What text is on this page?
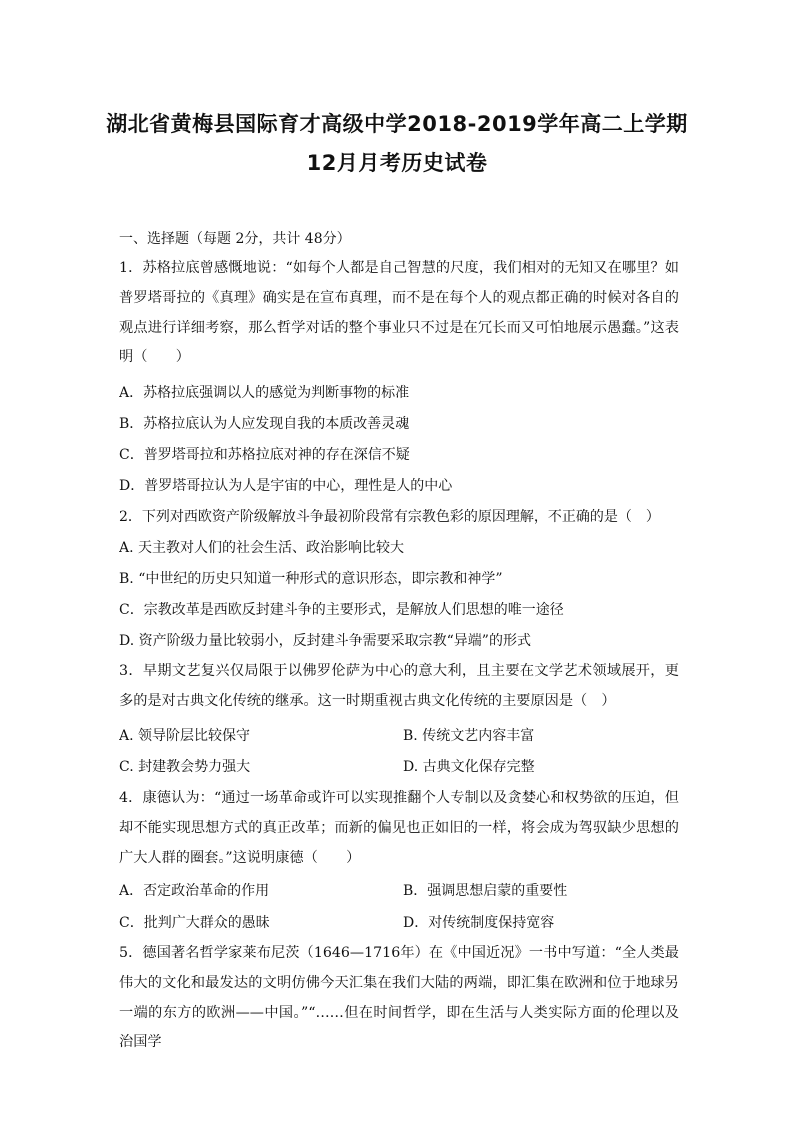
湖北省黄梅县国际育才高级中学2018-2019学年高二上学期
12月月考历史试卷
一、选择题（每题 2分，共计 48分）
1．苏格拉底曾感慨地说：“如每个人都是自己智慧的尺度，我们相对的无知又在哪里？如普罗塔哥拉的《真理》确实是在宣布真理，而不是在每个人的观点都正确的时候对各自的观点进行详细考察，那么哲学对话的整个事业只不过是在冗长而又可怕地展示愚蠢。”这表明（　　）
A．苏格拉底强调以人的感觉为判断事物的标准
B．苏格拉底认为人应发现自我的本质改善灵魂
C．普罗塔哥拉和苏格拉底对神的存在深信不疑
D．普罗塔哥拉认为人是宇宙的中心，理性是人的中心
2．下列对西欧资产阶级解放斗争最初阶段常有宗教色彩的原因理解，不正确的是（　）
A. 天主教对人们的社会生活、政治影响比较大
B. “中世纪的历史只知道一种形式的意识形态，即宗教和神学”
C．宗教改革是西欧反封建斗争的主要形式，是解放人们思想的唯一途径
D. 资产阶级力量比较弱小，反封建斗争需要采取宗教“异端”的形式
3．早期文艺复兴仅局限于以佛罗伦萨为中心的意大利，且主要在文学艺术领域展开，更多的是对古典文化传统的继承。这一时期重视古典文化传统的主要原因是（　）
A. 领导阶层比较保守	B. 传统文艺内容丰富
C. 封建教会势力强大	D. 古典文化保存完整
4．康德认为：“通过一场革命或许可以实现推翻个人专制以及贪婪心和权势欲的压迫，但却不能实现思想方式的真正改革；而新的偏见也正如旧的一样，将会成为驾驭缺少思想的广大人群的圈套。”这说明康德（　　）
A．否定政治革命的作用	B．强调思想启蒙的重要性
C．批判广大群众的愚昧	D．对传统制度保持宽容
5．德国著名哲学家莱布尼茨（1646—1716年）在《中国近况》一书中写道：“全人类最伟大的文化和最发达的文明仿佛今天汇集在我们大陆的两端，即汇集在欧洲和位于地球另一端的东方的欧洲——中国。”“……但在时间哲学，即在生活与人类实际方面的伦理以及治国学
